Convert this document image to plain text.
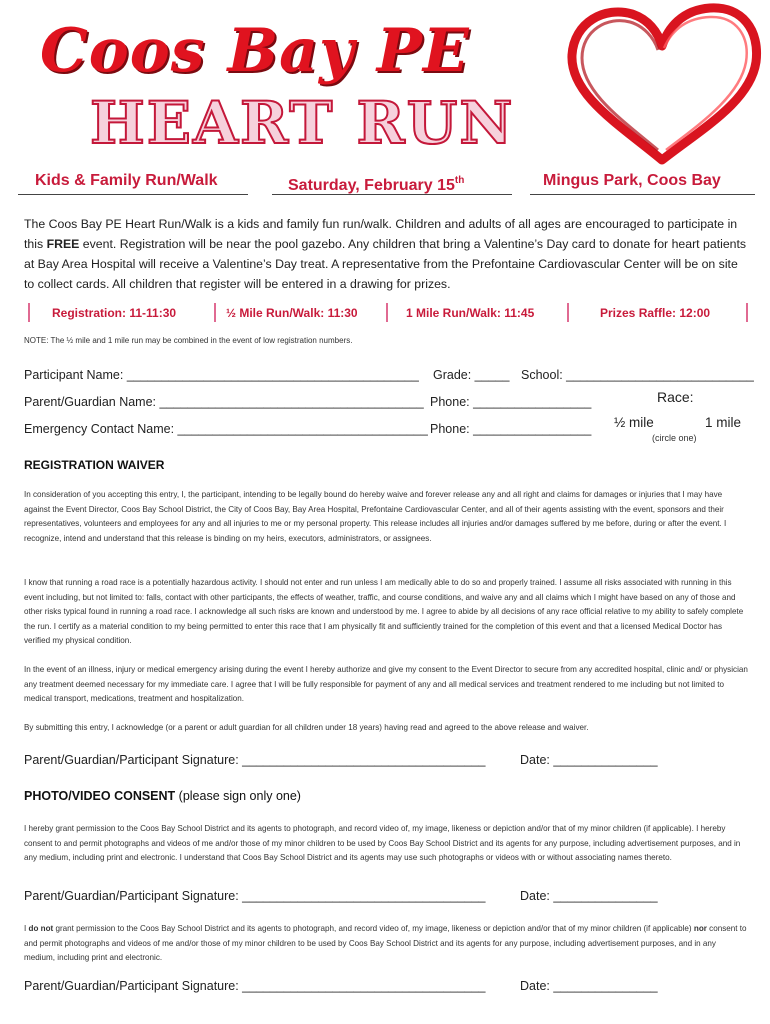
Coos Bay PE
HEART RUN
Kids & Family Run/Walk	Saturday, February 15th	Mingus Park, Coos Bay
The Coos Bay PE Heart Run/Walk is a kids and family fun run/walk. Children and adults of all ages are encouraged to participate in this FREE event. Registration will be near the pool gazebo. Any children that bring a Valentine’s Day card to donate for heart patients at Bay Area Hospital will receive a Valentine’s Day treat. A representative from the Prefontaine Cardiovascular Center will be on site to collect cards. All children that register will be entered in a drawing for prizes.
Registration: 11-11:30	½ Mile Run/Walk: 11:30	1 Mile Run/Walk: 11:45	Prizes Raffle: 12:00
NOTE: The ½ mile and 1 mile run may be combined in the event of low registration numbers.
Participant Name: __________________________________________ Grade: _____ School: ___________________________
Parent/Guardian Name: ______________________________________ Phone: _________________
Emergency Contact Name: ____________________________________ Phone: _________________
Race:
½ mile	1 mile
(circle one)
REGISTRATION WAIVER
In consideration of you accepting this entry, I, the participant, intending to be legally bound do hereby waive and forever release any and all right and claims for damages or injuries that I may have against the Event Director, Coos Bay School District, the City of Coos Bay, Bay Area Hospital, Prefontaine Cardiovascular Center, and all of their agents assisting with the event, sponsors and their representatives, volunteers and employees for any and all injuries to me or my personal property. This release includes all injuries and/or damages suffered by me before, during or after the event. I recognize, intend and understand that this release is binding on my heirs, executors, administrators, or assignees.
I know that running a road race is a potentially hazardous activity. I should not enter and run unless I am medically able to do so and properly trained. I assume all risks associated with running in this event including, but not limited to: falls, contact with other participants, the effects of weather, traffic, and course conditions, and waive any and all claims which I might have based on any of those and other risks typical found in running a road race. I acknowledge all such risks are known and understood by me. I agree to abide by all decisions of any race official relative to my ability to safely complete the run. I certify as a material condition to my being permitted to enter this race that I am physically fit and sufficiently trained for the completion of this event and that a licensed Medical Doctor has verified my physical condition.
In the event of an illness, injury or medical emergency arising during the event I hereby authorize and give my consent to the Event Director to secure from any accredited hospital, clinic and/ or physician any treatment deemed necessary for my immediate care. I agree that I will be fully responsible for payment of any and all medical services and treatment rendered to me including but not limited to medical transport, medications, treatment and hospitalization.
By submitting this entry, I acknowledge (or a parent or adult guardian for all children under 18 years) having read and agreed to the above release and waiver.
Parent/Guardian/Participant Signature: ___________________________________	Date: _______________
PHOTO/VIDEO CONSENT (please sign only one)
I hereby grant permission to the Coos Bay School District and its agents to photograph, and record video of, my image, likeness or depiction and/or that of my minor children (if applicable). I hereby consent to and permit photographs and videos of me and/or those of my minor children to be used by Coos Bay School District and its agents for any purpose, including advertisement purposes, and in any medium, including print and electronic. I understand that Coos Bay School District and its agents may use such photographs or videos with or without associating names thereto.
Parent/Guardian/Participant Signature: ___________________________________	Date: _______________
I do not grant permission to the Coos Bay School District and its agents to photograph, and record video of, my image, likeness or depiction and/or that of my minor children (if applicable) nor consent to and permit photographs and videos of me and/or those of my minor children to be used by Coos Bay School District and its agents for any purpose, including advertisement purposes, and in any medium, including print and electronic.
Parent/Guardian/Participant Signature: ___________________________________	Date: _______________
